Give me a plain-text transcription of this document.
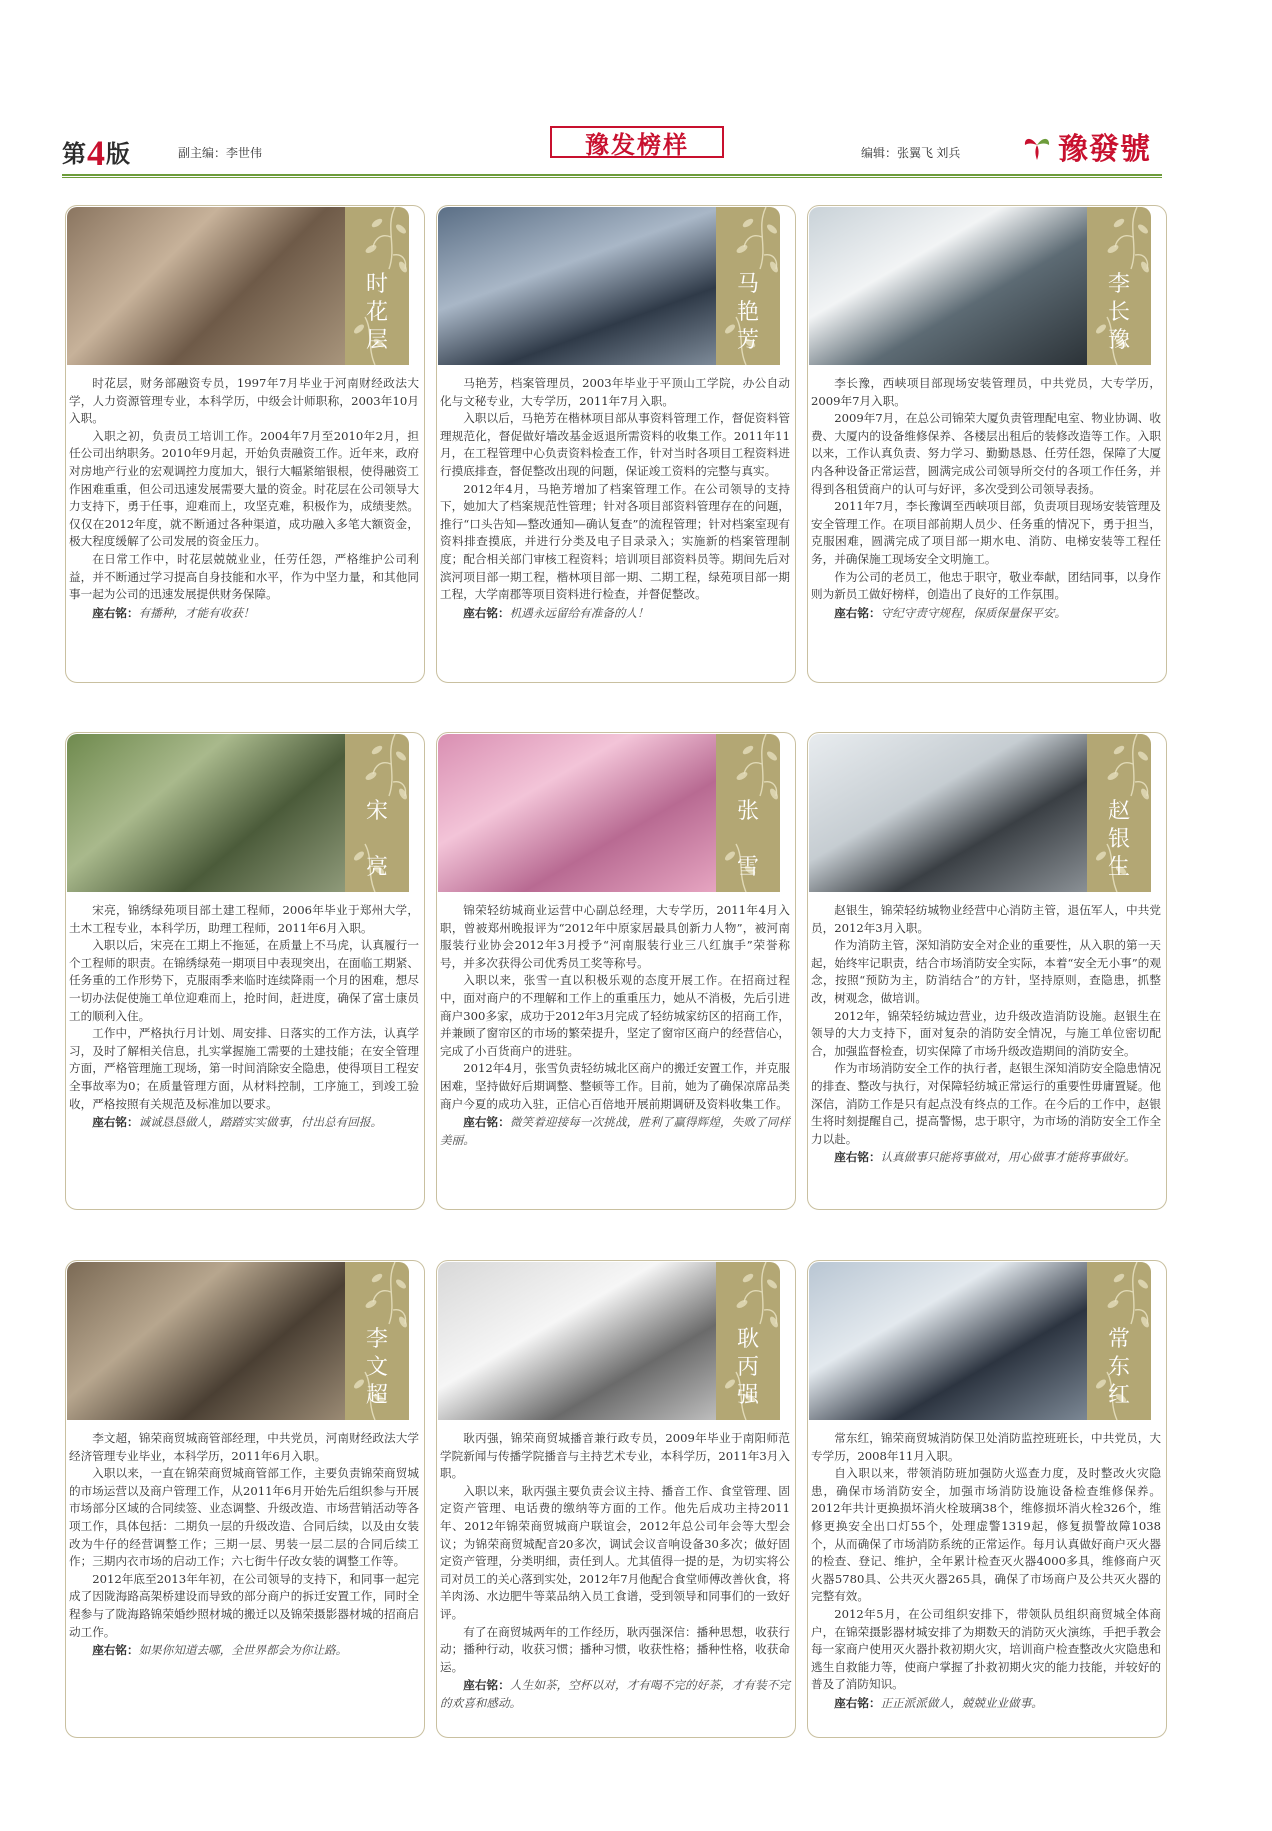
第4版	副主编：李世伟	豫发榜样	编辑：张翼飞 刘兵	豫發號
时
花
层

时花层，财务部融资专员，1997年7月毕业于河南财经政法大学，人力资源管理专业，本科学历，中级会计师职称，2003年10月入职。

入职之初，负责员工培训工作。2004年7月至2010年2月，担任公司出纳职务。2010年9月起，开始负责融资工作。近年来，政府对房地产行业的宏观调控力度加大，银行大幅紧缩银根，使得融资工作困难重重，但公司迅速发展需要大量的资金。时花层在公司领导大力支持下，勇于任事，迎难而上，攻坚克难，积极作为，成绩斐然。仅仅在2012年度，就不断通过各种渠道，成功融入多笔大额资金，极大程度缓解了公司发展的资金压力。

在日常工作中，时花层兢兢业业，任劳任怨，严格维护公司利益，并不断通过学习提高自身技能和水平，作为中坚力量，和其他同事一起为公司的迅速发展提供财务保障。

座右铭：有播种，才能有收获！
马
艳
芳

马艳芳，档案管理员，2003年毕业于平顶山工学院，办公自动化与文秘专业，大专学历，2011年7月入职。

入职以后，马艳芳在楷林项目部从事资料管理工作，督促资料管理规范化，督促做好墙改基金返退所需资料的收集工作。2011年11月，在工程管理中心负责资料检查工作，针对当时各项目工程资料进行摸底排查，督促整改出现的问题，保证竣工资料的完整与真实。

2012年4月，马艳芳增加了档案管理工作。在公司领导的支持下，她加大了档案规范性管理；针对各项目部资料管理存在的问题，推行“口头告知—整改通知—确认复查”的流程管理；针对档案室现有资料排查摸底，并进行分类及电子目录录入；实施新的档案管理制度；配合相关部门审核工程资料；培训项目部资料员等。期间先后对滨河项目部一期工程，楷林项目部一期、二期工程，绿苑项目部一期工程，大学南郡等项目资料进行检查，并督促整改。

座右铭：机遇永远留给有准备的人！
李
长
豫

李长豫，西峡项目部现场安装管理员，中共党员，大专学历，2009年7月入职。

2009年7月，在总公司锦荣大厦负责管理配电室、物业协调、收费、大厦内的设备维修保养、各楼层出租后的装修改造等工作。入职以来，工作认真负责、努力学习、勤勤恳恳、任劳任怨，保障了大厦内各种设备正常运营，圆满完成公司领导所交付的各项工作任务，并得到各租赁商户的认可与好评，多次受到公司领导表扬。

2011年7月，李长豫调至西峡项目部，负责项目现场安装管理及安全管理工作。在项目部前期人员少、任务重的情况下，勇于担当，克服困难，圆满完成了项目部一期水电、消防、电梯安装等工程任务，并确保施工现场安全文明施工。

作为公司的老员工，他忠于职守，敬业奉献，团结同事，以身作则为新员工做好榜样，创造出了良好的工作氛围。

座右铭：守纪守责守规程，保质保量保平安。
宋
亮

宋亮，锦绣绿苑项目部土建工程师，2006年毕业于郑州大学，土木工程专业，本科学历，助理工程师，2011年6月入职。

入职以后，宋亮在工期上不拖延，在质量上不马虎，认真履行一个工程师的职责。在锦绣绿苑一期项目中表现突出，在面临工期紧、任务重的工作形势下，克服雨季来临时连续降雨一个月的困难，想尽一切办法促使施工单位迎难而上，抢时间，赶进度，确保了富士康员工的顺利入住。

工作中，严格执行月计划、周安排、日落实的工作方法，认真学习，及时了解相关信息，扎实掌握施工需要的土建技能；在安全管理方面，严格管理施工现场，第一时间消除安全隐患，使得项目工程安全事故率为0；在质量管理方面，从材料控制，工序施工，到竣工验收，严格按照有关规范及标准加以要求。

座右铭：诚诚恳恳做人，踏踏实实做事，付出总有回报。
张
雪

锦荣轻纺城商业运营中心副总经理，大专学历，2011年4月入职，曾被郑州晚报评为“2012年中原家居最具创新力人物”，被河南服装行业协会2012年3月授予“河南服装行业三八红旗手”荣誉称号，并多次获得公司优秀员工奖等称号。

入职以来，张雪一直以积极乐观的态度开展工作。在招商过程中，面对商户的不理解和工作上的重重压力，她从不消极，先后引进商户300多家，成功于2012年3月完成了轻纺城家纺区的招商工作，并兼顾了窗帘区的市场的繁荣提升，坚定了窗帘区商户的经营信心，完成了小百货商户的进驻。

2012年4月，张雪负责轻纺城北区商户的搬迁安置工作，并克服困难，坚持做好后期调整、整顿等工作。目前，她为了确保凉席品类商户今夏的成功入驻，正信心百倍地开展前期调研及资料收集工作。

座右铭：微笑着迎接每一次挑战，胜利了赢得辉煌，失败了同样美丽。
赵
银
生

赵银生，锦荣轻纺城物业经营中心消防主管，退伍军人，中共党员，2012年3月入职。

作为消防主管，深知消防安全对企业的重要性，从入职的第一天起，始终牢记职责，结合市场消防安全实际，本着“安全无小事”的观念，按照“预防为主，防消结合”的方针，坚持原则，查隐患，抓整改，树观念，做培训。

2012年，锦荣轻纺城边营业，边升级改造消防设施。赵银生在领导的大力支持下，面对复杂的消防安全情况，与施工单位密切配合，加强监督检查，切实保障了市场升级改造期间的消防安全。

作为市场消防安全工作的执行者，赵银生深知消防安全隐患情况的排查、整改与执行，对保障轻纺城正常运行的重要性毋庸置疑。他深信，消防工作是只有起点没有终点的工作。在今后的工作中，赵银生将时刻提醒自己，提高警惕，忠于职守，为市场的消防安全工作全力以赴。

座右铭：认真做事只能将事做对，用心做事才能将事做好。
李
文
超

李文超，锦荣商贸城商管部经理，中共党员，河南财经政法大学经济管理专业毕业，本科学历，2011年6月入职。

入职以来，一直在锦荣商贸城商管部工作，主要负责锦荣商贸城的市场运营以及商户管理工作，从2011年6月开始先后组织参与开展市场部分区域的合同续签、业态调整、升级改造、市场营销活动等各项工作，具体包括：二期负一层的升级改造、合同后续，以及由女装改为牛仔的经营调整工作；三期一层、男装一层二层的合同后续工作；三期内衣市场的启动工作；六七街牛仔改女装的调整工作等。

2012年底至2013年年初，在公司领导的支持下，和同事一起完成了因陇海路高架桥建设而导致的部分商户的拆迁安置工作，同时全程参与了陇海路锦荣婚纱照材城的搬迁以及锦荣摄影器材城的招商启动工作。

座右铭：如果你知道去哪，全世界都会为你让路。
耿
丙
强

耿丙强，锦荣商贸城播音兼行政专员，2009年毕业于南阳师范学院新闻与传播学院播音与主持艺术专业，本科学历，2011年3月入职。

入职以来，耿丙强主要负责会议主持、播音工作、食堂管理、固定资产管理、电话费的缴纳等方面的工作。他先后成功主持2011年、2012年锦荣商贸城商户联谊会，2012年总公司年会等大型会议；为锦荣商贸城配音20多次，调试会议音响设备30多次；做好固定资产管理，分类明细，责任到人。尤其值得一提的是，为切实将公司对员工的关心落到实处，2012年7月他配合食堂师傅改善伙食，将羊肉汤、水边肥牛等菜品纳入员工食谱，受到领导和同事们的一致好评。

有了在商贸城两年的工作经历，耿丙强深信：播种思想，收获行动；播种行动，收获习惯；播种习惯，收获性格；播种性格，收获命运。

座右铭：人生如茶，空杯以对，才有喝不完的好茶，才有装不完的欢喜和感动。
常
东
红

常东红，锦荣商贸城消防保卫处消防监控班班长，中共党员，大专学历，2008年11月入职。

自入职以来，带领消防班加强防火巡查力度，及时整改火灾隐患，确保市场消防安全，加强市场消防设施设备检查维修保养。2012年共计更换损坏消火栓玻璃38个，维修损坏消火栓326个，维修更换安全出口灯55个，处理虚警1319起，修复损警故障1038个，从而确保了市场消防系统的正常运作。每月认真做好商户灭火器的检查、登记、维护，全年累计检查灭火器4000多具，维修商户灭火器5780具、公共灭火器265具，确保了市场商户及公共灭火器的完整有效。

2012年5月，在公司组织安排下，带领队员组织商贸城全体商户，在锦荣摄影器材城安排了为期数天的消防灭火演练，手把手教会每一家商户使用灭火器扑救初期火灾，培训商户检查整改火灾隐患和逃生自救能力等，使商户掌握了扑救初期火灾的能力技能，并较好的普及了消防知识。

座右铭：正正派派做人，兢兢业业做事。
